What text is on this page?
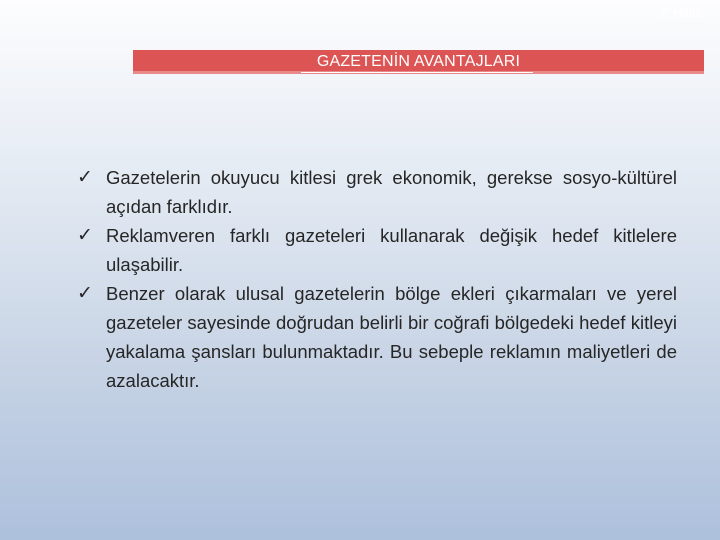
7. Hafta
GAZETENİN AVANTAJLARI
✓ Gazetelerin okuyucu kitlesi grek ekonomik, gerekse sosyo-kültürel açıdan farklıdır.
✓ Reklamveren farklı gazeteleri kullanarak değişik hedef kitlelere ulaşabilir.
✓ Benzer olarak ulusal gazetelerin bölge ekleri çıkarmaları ve yerel gazeteler sayesinde doğrudan belirli bir coğrafi bölgedeki hedef kitleyi yakalama şansları bulunmaktadır. Bu sebeple reklamın maliyetleri de azalacaktır.
